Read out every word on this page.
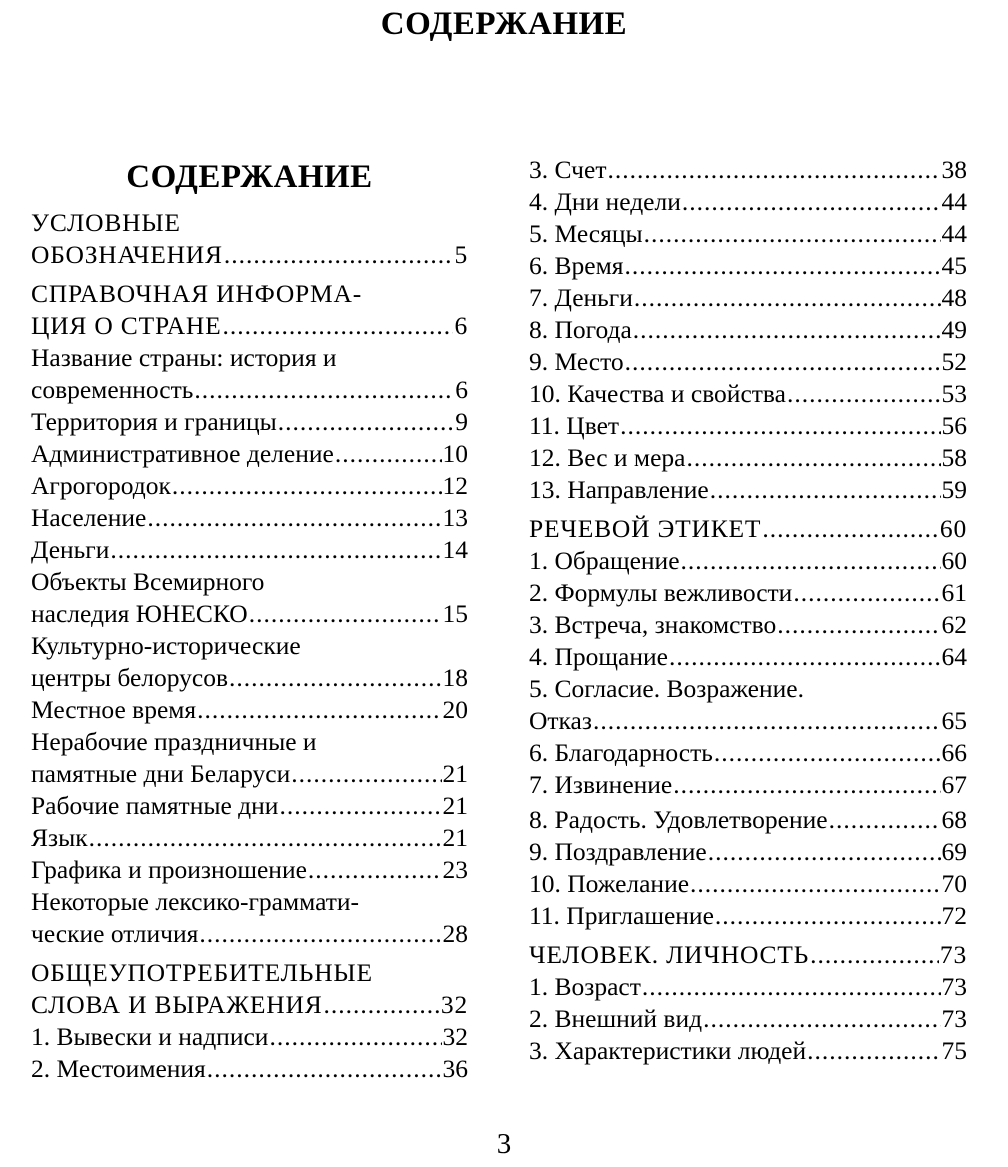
СОДЕРЖАНИЕ
СОДЕРЖАНИЕ
УСЛОВНЫЕ
ОБОЗНАЧЕНИЯ .....	5
СПРАВОЧНАЯ ИНФОРМА-
ЦИЯ О СТРАНЕ .....	6
Название страны: история и
современность .....	6
Территория и границы .....	9
Административное деление .....	10
Агрогородок .....	12
Население .....	13
Деньги .....	14
Объекты Всемирного
наследия ЮНЕСКО .....	15
Культурно-исторические
центры белорусов .....	18
Местное время .....	20
Нерабочие праздничные и
памятные дни Беларуси .....	21
Рабочие памятные дни .....	21
Язык .....	21
Графика и произношение .....	23
Некоторые лексико-граммати-
ческие отличия .....	28
ОБЩЕУПОТРЕБИТЕЛЬНЫЕ
СЛОВА И ВЫРАЖЕНИЯ .....	32
1. Вывески и надписи .....	32
2. Местоимения .....	36
3. Счет .....	38
4. Дни недели .....	44
5. Месяцы .....	44
6. Время .....	45
7. Деньги .....	48
8. Погода .....	49
9. Место .....	52
10. Качества и свойства .....	53
11. Цвет .....	56
12. Вес и мера .....	58
13. Направление .....	59
РЕЧЕВОЙ ЭТИКЕТ .....	60
1. Обращение .....	60
2. Формулы вежливости .....	61
3. Встреча, знакомство .....	62
4. Прощание .....	64
5. Согласие. Возражение.
Отказ .....	65
6. Благодарность .....	66
7. Извинение .....	67
8. Радость. Удовлетворение .....	68
9. Поздравление .....	69
10. Пожелание .....	70
11. Приглашение .....	72
ЧЕЛОВЕК. ЛИЧНОСТЬ .....	73
1. Возраст .....	73
2. Внешний вид .....	73
3. Характеристики людей .....	75
3
